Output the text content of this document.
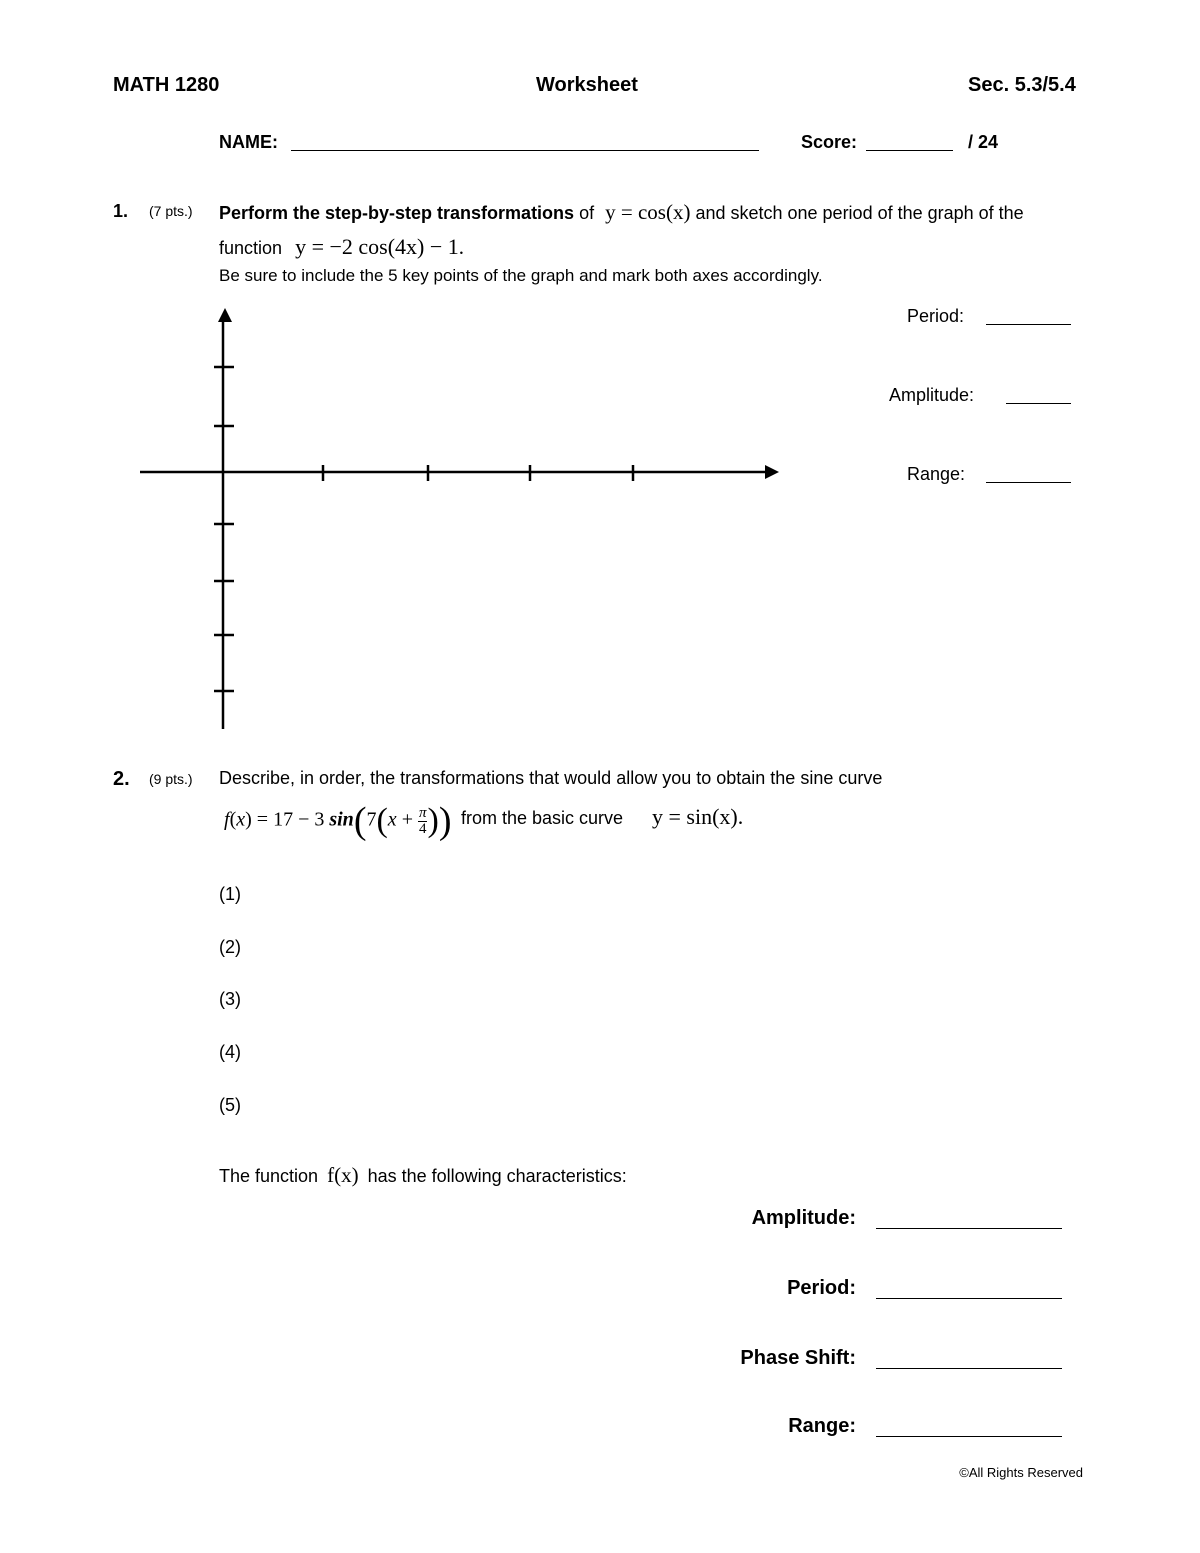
MATH 1280	Worksheet	Sec. 5.3/5.4
NAME:	Score:	/ 24
1. (7 pts.) Perform the step-by-step transformations of y = cos(x) and sketch one period of the graph of the
function y = −2 cos(4x) − 1.
Be sure to include the 5 key points of the graph and mark both axes accordingly.
Period:
Amplitude:
Range:
2. (9 pts.) Describe, in order, the transformations that would allow you to obtain the sine curve
f(x) = 17 − 3 $\sin(7(x + \frac{\pi}{4}$ )) from the basic curve y = sin(x).
(1)
(2)
(3)
(4)
(5)
The function f(x) has the following characteristics:
Amplitude:
Period:
Phase Shift:
Range:
©All Rights Reserved
